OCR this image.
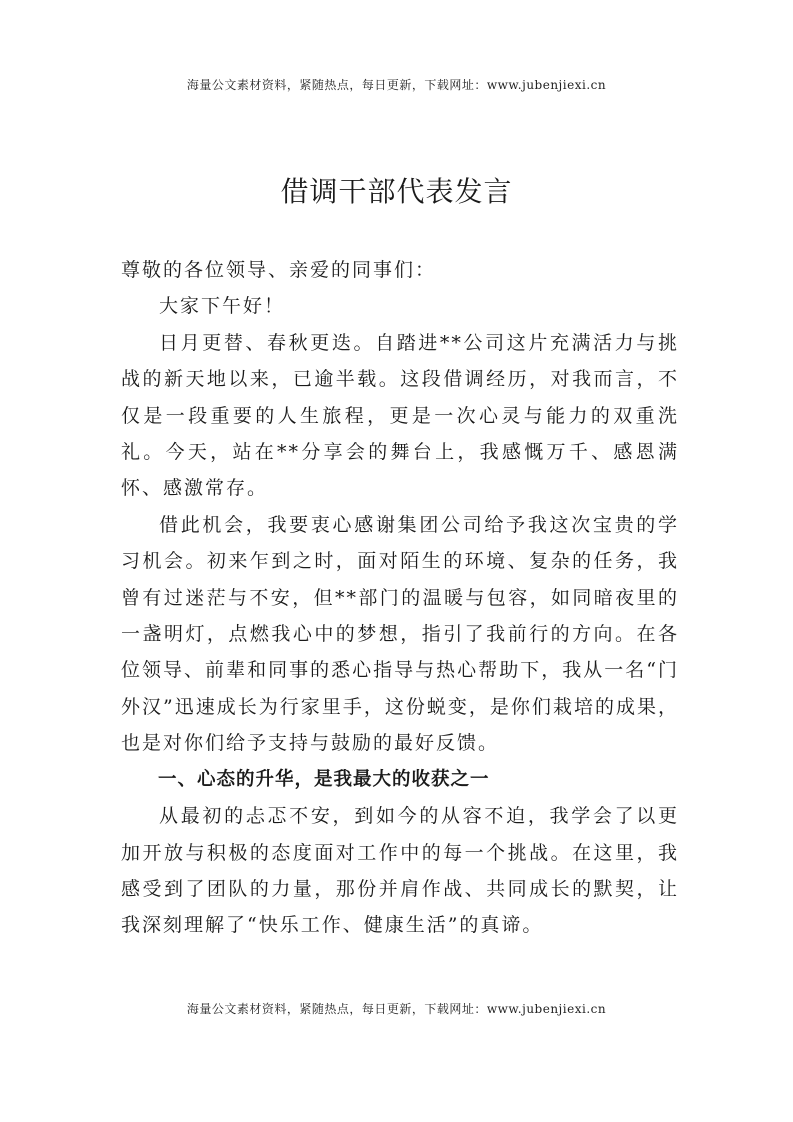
海量公文素材资料，紧随热点，每日更新，下载网址：www.jubenjiexi.cn
借调干部代表发言

尊敬的各位领导、亲爱的同事们：

大家下午好！

日月更替、春秋更迭。自踏进**公司这片充满活力与挑战的新天地以来，已逾半载。这段借调经历，对我而言，不仅是一段重要的人生旅程，更是一次心灵与能力的双重洗礼。今天，站在**分享会的舞台上，我感慨万千、感恩满怀、感激常存。

借此机会，我要衷心感谢集团公司给予我这次宝贵的学习机会。初来乍到之时，面对陌生的环境、复杂的任务，我曾有过迷茫与不安，但**部门的温暖与包容，如同暗夜里的一盏明灯，点燃我心中的梦想，指引了我前行的方向。在各位领导、前辈和同事的悉心指导与热心帮助下，我从一名“门外汉”迅速成长为行家里手，这份蜕变，是你们栽培的成果，也是对你们给予支持与鼓励的最好反馈。

一、心态的升华，是我最大的收获之一

从最初的忐忑不安，到如今的从容不迫，我学会了以更加开放与积极的态度面对工作中的每一个挑战。在这里，我感受到了团队的力量，那份并肩作战、共同成长的默契，让我深刻理解了“快乐工作、健康生活”的真谛。

海量公文素材资料，紧随热点，每日更新，下载网址：www.jubenjiexi.cn
